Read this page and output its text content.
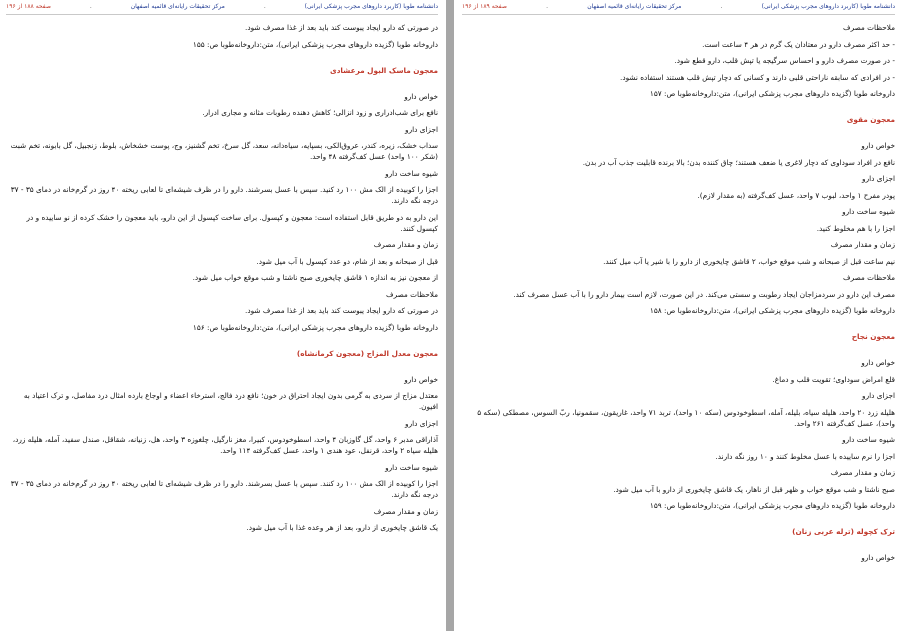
دانشنامه طوبا (کاربرد داروهای مجرب پزشکی ایرانی)
.
مرکز تحقیقات رایانه‌ای قائمیه اصفهان
.
صفحه ۱۸۸ از ۱۹۶
در صورتی که دارو ایجاد یبوست کند باید بعد از غذا مصرف شود.
داروخانه طوبا (گزیده داروهای مجرب پزشکی ایرانی)، متن:داروخانه‌طوبا ص: ۱۵۵
معجون ماسک البول مرعشادی
خواص دارو
نافع برای شب‌ادراری و زود انزالی؛ کاهش دهنده رطوبات مثانه و مجاری ادرار.
اجزای دارو
سداب خشک، زیره، کندر، عروق‌الکی، بسپایه، سیاه‌دانه، سعد، گل سرخ، تخم گشنیز، وج، پوست خشخاش، بلوط، زنجبیل، گل بابونه، تخم شبت (شکر ۱۰۰ واحد) عسل کف‌گرفته ۴۸ واحد.
شیوه ساخت دارو
اجزا را کوبیده از الک مش ۱۰۰ رد کنید. سپس با عسل بسرشند. دارو را در ظرف شیشه‌ای تا لعابی ریخته ۴۰ روز در گرم‌خانه در دمای ۳۵ - ۳۷ درجه نگه دارند.
این دارو به دو طریق قابل استفاده است: معجون و کپسول. برای ساخت کپسول از این دارو، باید معجون را خشک کرده از نو ساییده و در کپسول کنند.
زمان و مقدار مصرف
قبل از صبحانه و بعد از شام، دو عدد کپسول با آب میل شود.
از معجون نیز به اندازه ۱ قاشق چایخوری صبح ناشتا و شب موقع خواب میل شود.
ملاحظات مصرف
در صورتی که دارو ایجاد یبوست کند باید بعد از غذا مصرف شود.
داروخانه طوبا (گزیده داروهای مجرب پزشکی ایرانی)، متن:داروخانه‌طوبا ص: ۱۵۶
معجون معدل المزاج (معجون کرمانشاه)
خواص دارو
معتدل مزاج از سردی به گرمی بدون ایجاد احتراق در خون؛ نافع درد فالج، استرخاء اعضاء و اوجاع بارده امثال درد مفاصل، و ترک اعتیاد به افیون.
اجزای دارو
آذاراقی مدبر ۶ واحد، گل گاوزبان ۴ واحد، اسطوخودوس، کبیرا، مغز نارگیل، چلغوزه ۳ واحد، هل، زنیانه، شقاقل، صندل سفید، آمله، هلیله زرد، هلیله سیاه ۲ واحد، قرنفل، عود هندی ۱ واحد، عسل کف‌گرفته ۱۱۴ واحد.
شیوه ساخت دارو
اجزا را کوبیده از الک مش ۱۰۰ رد کنند. سپس با عسل بسرشند. دارو را در ظرف شیشه‌ای تا لعابی ریخته ۴۰ روز در گرم‌خانه در دمای ۳۵ - ۳۷ درجه نگه دارند.
زمان و مقدار مصرف
یک قاشق چایخوری از دارو، بعد از هر وعده غذا با آب میل شود.
دانشنامه طوبا (کاربرد داروهای مجرب پزشکی ایرانی)
.
مرکز تحقیقات رایانه‌ای قائمیه اصفهان
.
صفحه ۱۸۹ از ۱۹۶
ملاحظات مصرف
- حد اکثر مصرف دارو در معتادان یک گرم در هر ۴ ساعت است.
- در صورت مصرف دارو و احساس سرگیجه یا تپش قلب، دارو قطع شود.
- در افرادی که سابقه ناراحتی قلبی دارند و کسانی که دچار تپش قلب هستند استفاده نشود.
داروخانه طوبا (گزیده داروهای مجرب پزشکی ایرانی)، متن:داروخانه‌طوبا ص: ۱۵۷
معجون مقوی
خواص دارو
نافع در افراد سوداوی که دچار لاغری یا ضعف هستند؛ چاق کننده بدن؛ بالا برنده قابلیت جذب آب در بدن.
اجزای دارو
پودر مفرح ۱ واحد، لبوب ۷ واحد، عسل کف‌گرفته (به مقدار لازم).
شیوه ساخت دارو
اجزا را با هم مخلوط کنید.
زمان و مقدار مصرف
نیم ساعت قبل از صبحانه و شب موقع خواب، ۲ قاشق چایخوری از دارو را با شیر یا آب میل کنند.
ملاحظات مصرف
مصرف این دارو در سردمزاجان ایجاد رطوبت و سستی می‌کند. در این صورت، لازم است بیمار دارو را با آب عسل مصرف کند.
داروخانه طوبا (گزیده داروهای مجرب پزشکی ایرانی)، متن:داروخانه‌طوبا ص: ۱۵۸
معجون نجاح
خواص دارو
قلع امراض سوداوی؛ تقویت قلب و دماغ.
اجزای دارو
هلیله زرد ۲۰ واحد، هلیله سیاه، بلیله، آمله، اسطوخودوس (سکه ۱۰ واحد)، تربد ۷۱ واحد، غاریقون، سقمونیا، ربّ السوس، مصطکی (سکه ۵ واحد)، عسل کف‌گرفته ۲۶۱ واحد.
شیوه ساخت دارو
اجزا را نرم ساییده با عسل مخلوط کنند و ۱۰ روز نگه دارند.
زمان و مقدار مصرف
صبح ناشتا و شب موقع خواب و ظهر قبل از ناهار، یک قاشق چایخوری از دارو با آب میل شود.
داروخانه طوبا (گزیده داروهای مجرب پزشکی ایرانی)، متن:داروخانه‌طوبا ص: ۱۵۹
ترک کچوله (ترله عربی زنان)
خواص دارو
